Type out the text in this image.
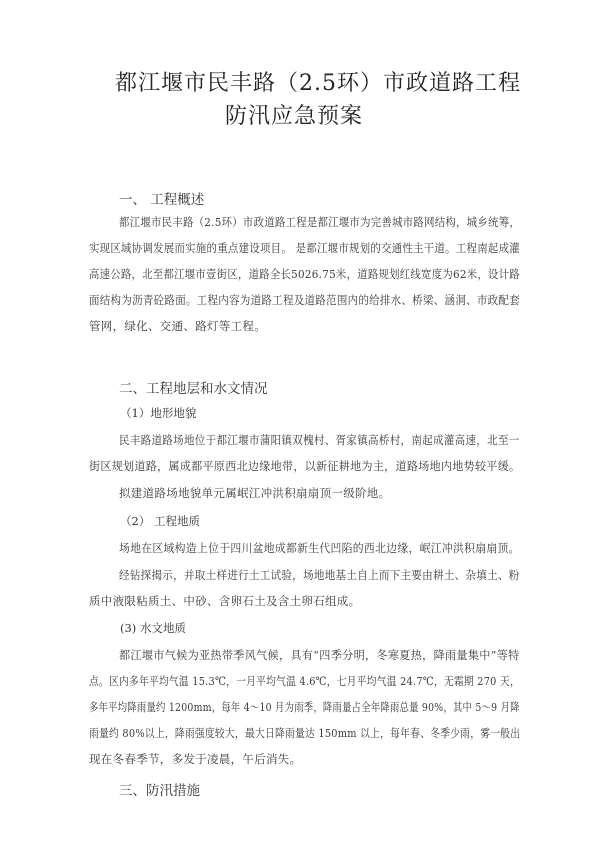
都江堰市民丰路（2.5环）市政道路工程
防汛应急预案
一、 工程概述
都江堰市民丰路（2.5环）市政道路工程是都江堰市为完善城市路网结构，城乡统筹，
实现区域协调发展而实施的重点建设项目。 是都江堰市规划的交通性主干道。工程南起成灌
高速公路，北至都江堰市壹街区，道路全长5026.75米，道路规划红线宽度为62米，设计路
面结构为沥青砼路面。工程内容为道路工程及道路范围内的给排水、桥梁、涵洞、市政配套
管网，绿化、交通、路灯等工程。
二、工程地层和水文情况
（1）地形地貌
民丰路道路场地位于都江堰市蒲阳镇双槐村、胥家镇高桥村，南起成灌高速，北至一
街区规划道路，属成都平原西北边缘地带，以新征耕地为主，道路场地内地势较平缓。
拟建道路场地貌单元属岷江冲洪积扇扇顶一级阶地。
（2） 工程地质
场地在区域构造上位于四川盆地成都新生代凹陷的西北边缘，岷江冲洪积扇扇顶。
经钻探揭示，并取土样进行土工试验，场地地基土自上而下主要由耕土、杂填土、粉
质中液限粘质土、中砂、含卵石土及含土卵石组成。
(3) 水文地质
都江堰市气候为亚热带季风气候，具有“四季分明，冬寒夏热，降雨量集中”等特
点。区内多年平均气温 15.3℃，一月平均气温 4.6℃，七月平均气温 24.7℃，无霜期 270 天，
多年平均降雨量约 1200mm，每年 4～10 月为雨季，降雨量占全年降雨总量 90%，其中 5～9 月降
雨量约 80%以上，降雨强度较大，最大日降雨量达 150mm 以上，每年春、冬季少雨，雾一般出
现在冬春季节，多发于凌晨，午后消失。
三、防汛措施
